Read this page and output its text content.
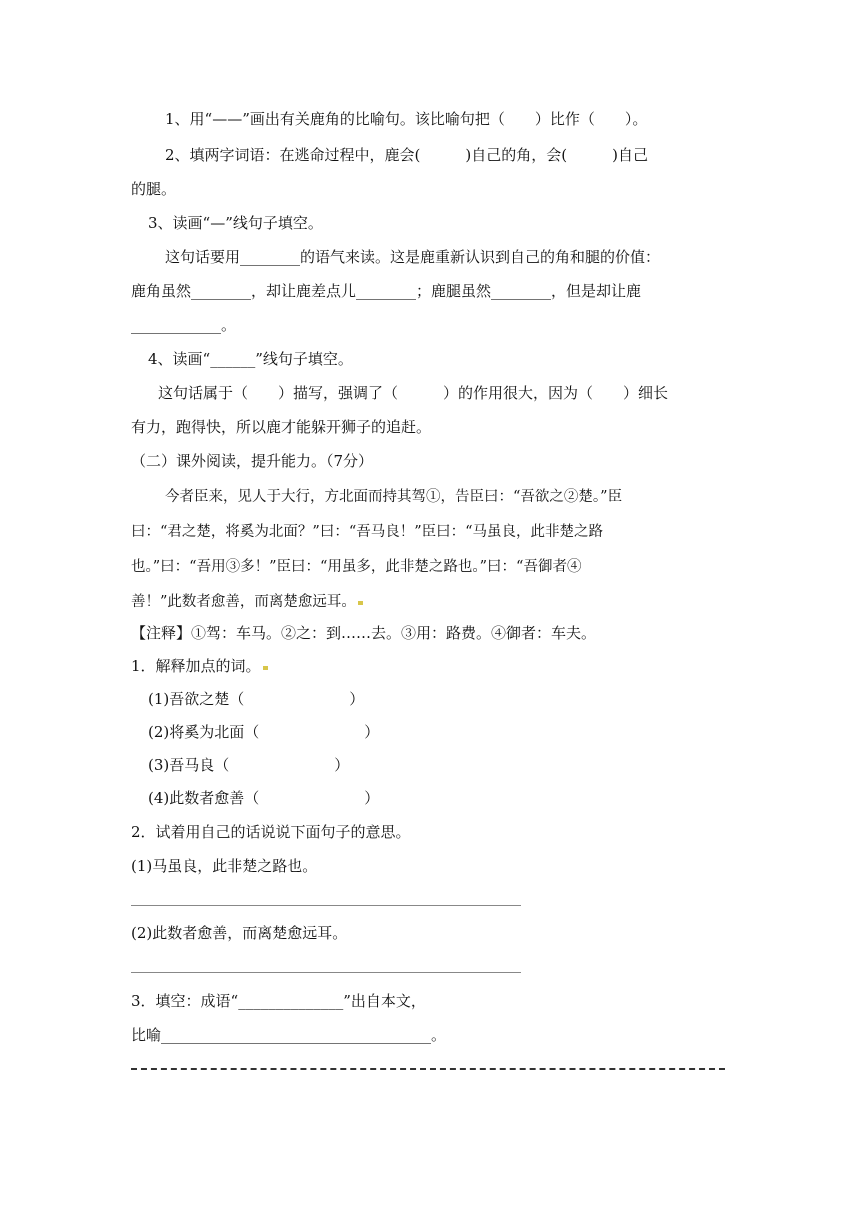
1、用“——”画出有关鹿角的比喻句。该比喻句把（　　）比作（　　）。
2、填两字词语：在逃命过程中，鹿会(　　　)自己的角，会(　　　)自己
的腿。
3、读画“—”线句子填空。
这句话要用________的语气来读。这是鹿重新认识到自己的角和腿的价值：
鹿角虽然________，却让鹿差点儿________；鹿腿虽然________，但是却让鹿
____________。
4、读画“______”线句子填空。
这句话属于（　　）描写，强调了（　　　）的作用很大，因为（　　）细长
有力，跑得快，所以鹿才能躲开狮子的追赶。
（二）课外阅读，提升能力。（7分）
今者臣来，见人于大行，方北面而持其驾①，告臣曰：“吾欲之②楚。”臣
曰：“君之楚，将奚为北面？”曰：“吾马良！”臣曰：“马虽良，此非楚之路
也。”曰：“吾用③多！”臣曰：“用虽多，此非楚之路也。”曰：“吾御者④
善！”此数者愈善，而离楚愈远耳。
【注释】①驾：车马。②之：到……去。③用：路费。④御者：车夫。
1．解释加点的词。
(1)吾欲之楚（　　　　　　　）
(2)将奚为北面（　　　　　　　）
(3)吾马良（　　　　　　　）
(4)此数者愈善（　　　　　　　）
2．试着用自己的话说说下面句子的意思。
(1)马虽良，此非楚之路也。
(2)此数者愈善，而离楚愈远耳。
3．填空：成语“______________”出自本文，
比喻____________________________________。
